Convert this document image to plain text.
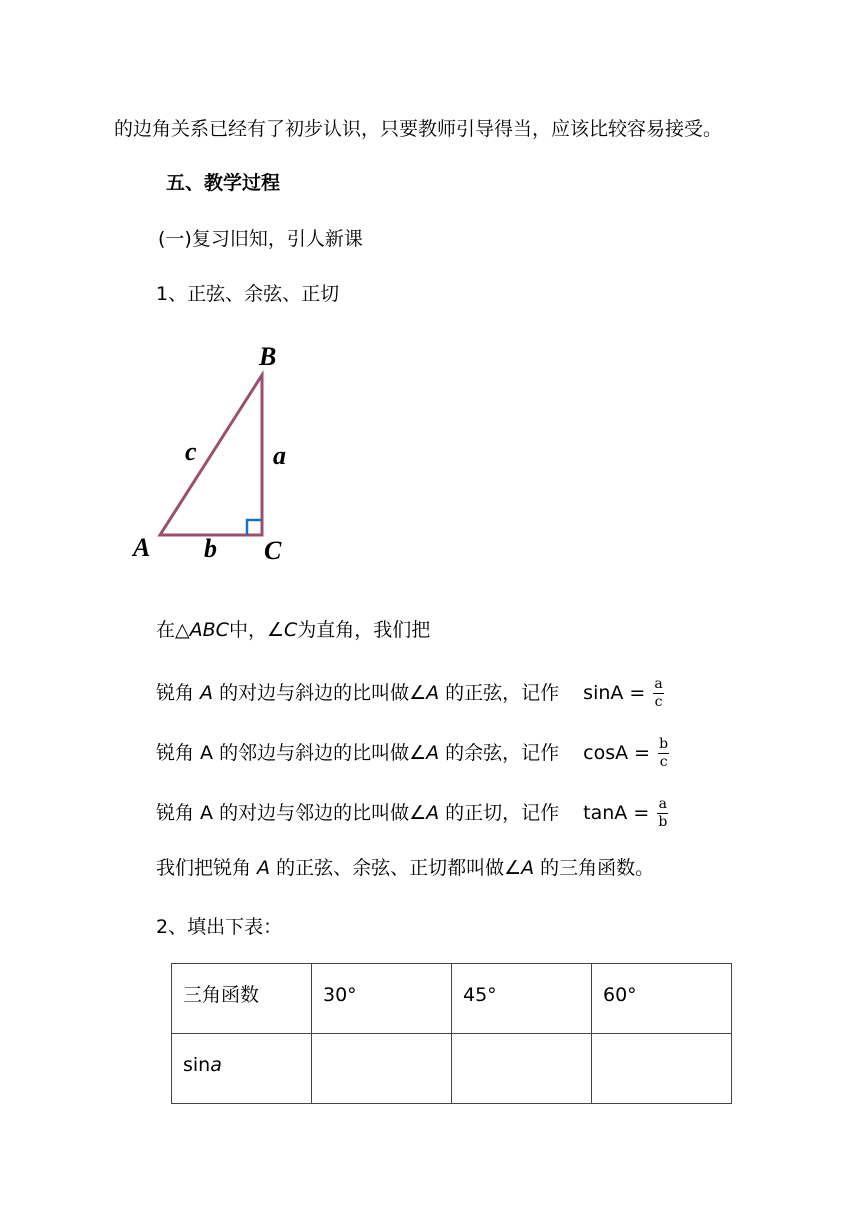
的边角关系已经有了初步认识，只要教师引导得当，应该比较容易接受。
五、教学过程
(一)复习旧知，引人新课
1、正弦、余弦、正切
B
A	C
c	a
b
在△ABC中，∠C为直角，我们把
锐角 A 的对边与斜边的比叫做∠A 的正弦，记作 $\sin A = \frac{a}{c}$
锐角 A 的邻边与斜边的比叫做∠A 的余弦，记作 $\cos A = \frac{b}{c}$
锐角 A 的对边与邻边的比叫做∠A 的正切，记作 $\tan A = \frac{a}{b}$
我们把锐角 A 的正弦、余弦、正切都叫做∠A 的三角函数。
2、填出下表：
三角函数	30°	45°	60°
sina			
